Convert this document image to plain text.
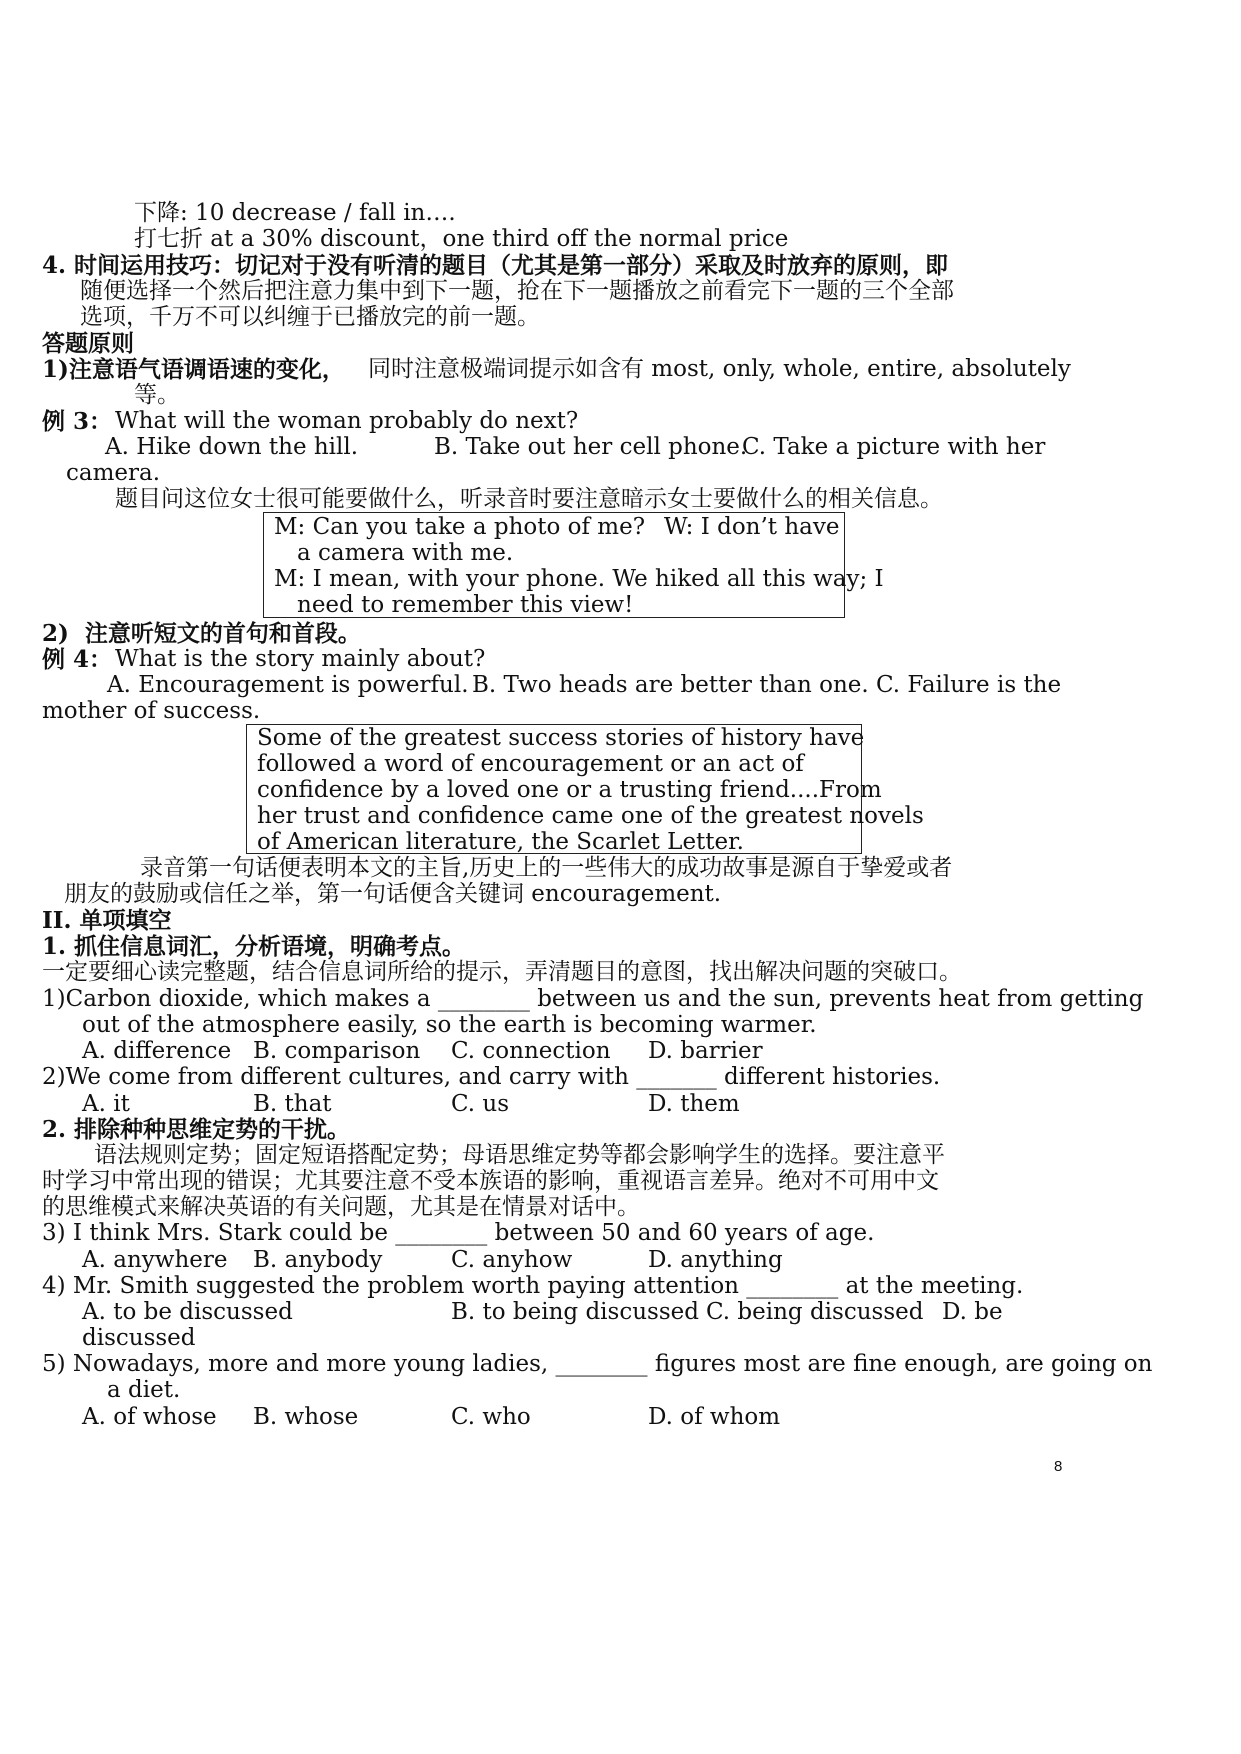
下降: 10 decrease / fall in….
打七折 at a 30% discount，one third off the normal price
4. 时间运用技巧：切记对于没有听清的题目（尤其是第一部分）采取及时放弃的原则，即
随便选择一个然后把注意力集中到下一题，抢在下一题播放之前看完下一题的三个全部
选项，千万不可以纠缠于已播放完的前一题。
答题原则
1)注意语气语调语速的变化， 同时注意极端词提示如含有 most, only, whole, entire, absolutely
等。
例 3： What will the woman probably do next?
A. Hike down the hill.	B. Take out her cell phone.
C. Take a picture with her
camera.
题目问这位女士很可能要做什么，听录音时要注意暗示女士要做什么的相关信息。
M: Can you take a photo of me? W: I don’t have
a camera with me.
M: I mean, with your phone. We hiked all this way; I
need to remember this view!
2)  注意听短文的首句和首段。
例 4： What is the story mainly about?
A. Encouragement is powerful. B. Two heads are better than one. C. Failure is the
mother of success.
Some of the greatest success stories of history have
followed a word of encouragement or an act of
confidence by a loved one or a trusting friend....From
her trust and confidence came one of the greatest novels
of American literature, the Scarlet Letter.
录音第一句话便表明本文的主旨,历史上的一些伟大的成功故事是源自于挚爱或者
朋友的鼓励或信任之举，第一句话便含关键词 encouragement.
II. 单项填空
1. 抓住信息词汇，分析语境，明确考点。
一定要细心读完整题，结合信息词所给的提示，弄清题目的意图，找出解决问题的突破口。
1)Carbon dioxide, which makes a ________ between us and the sun, prevents heat from getting
out of the atmosphere easily, so the earth is becoming warmer.
A. difference B. comparison C. connection D. barrier
2)We come from different cultures, and carry with _______ different histories.
A. it	B. that	C. us	D. them
2. 排除种种思维定势的干扰。
语法规则定势；固定短语搭配定势；母语思维定势等都会影响学生的选择。要注意平
时学习中常出现的错误；尤其要注意不受本族语的影响，重视语言差异。绝对不可用中文
的思维模式来解决英语的有关问题，尤其是在情景对话中。
3) I think Mrs. Stark could be ________ between 50 and 60 years of age.
A. anywhere B. anybody	C. anyhow	D. anything
4) Mr. Smith suggested the problem worth paying attention ________ at the meeting.
A. to be discussed	B. to being discussed C. being discussed D. be
discussed
5) Nowadays, more and more young ladies, ________ figures most are fine enough, are going on
a diet.
A. of whose B. whose	C. who	D. of whom
8
